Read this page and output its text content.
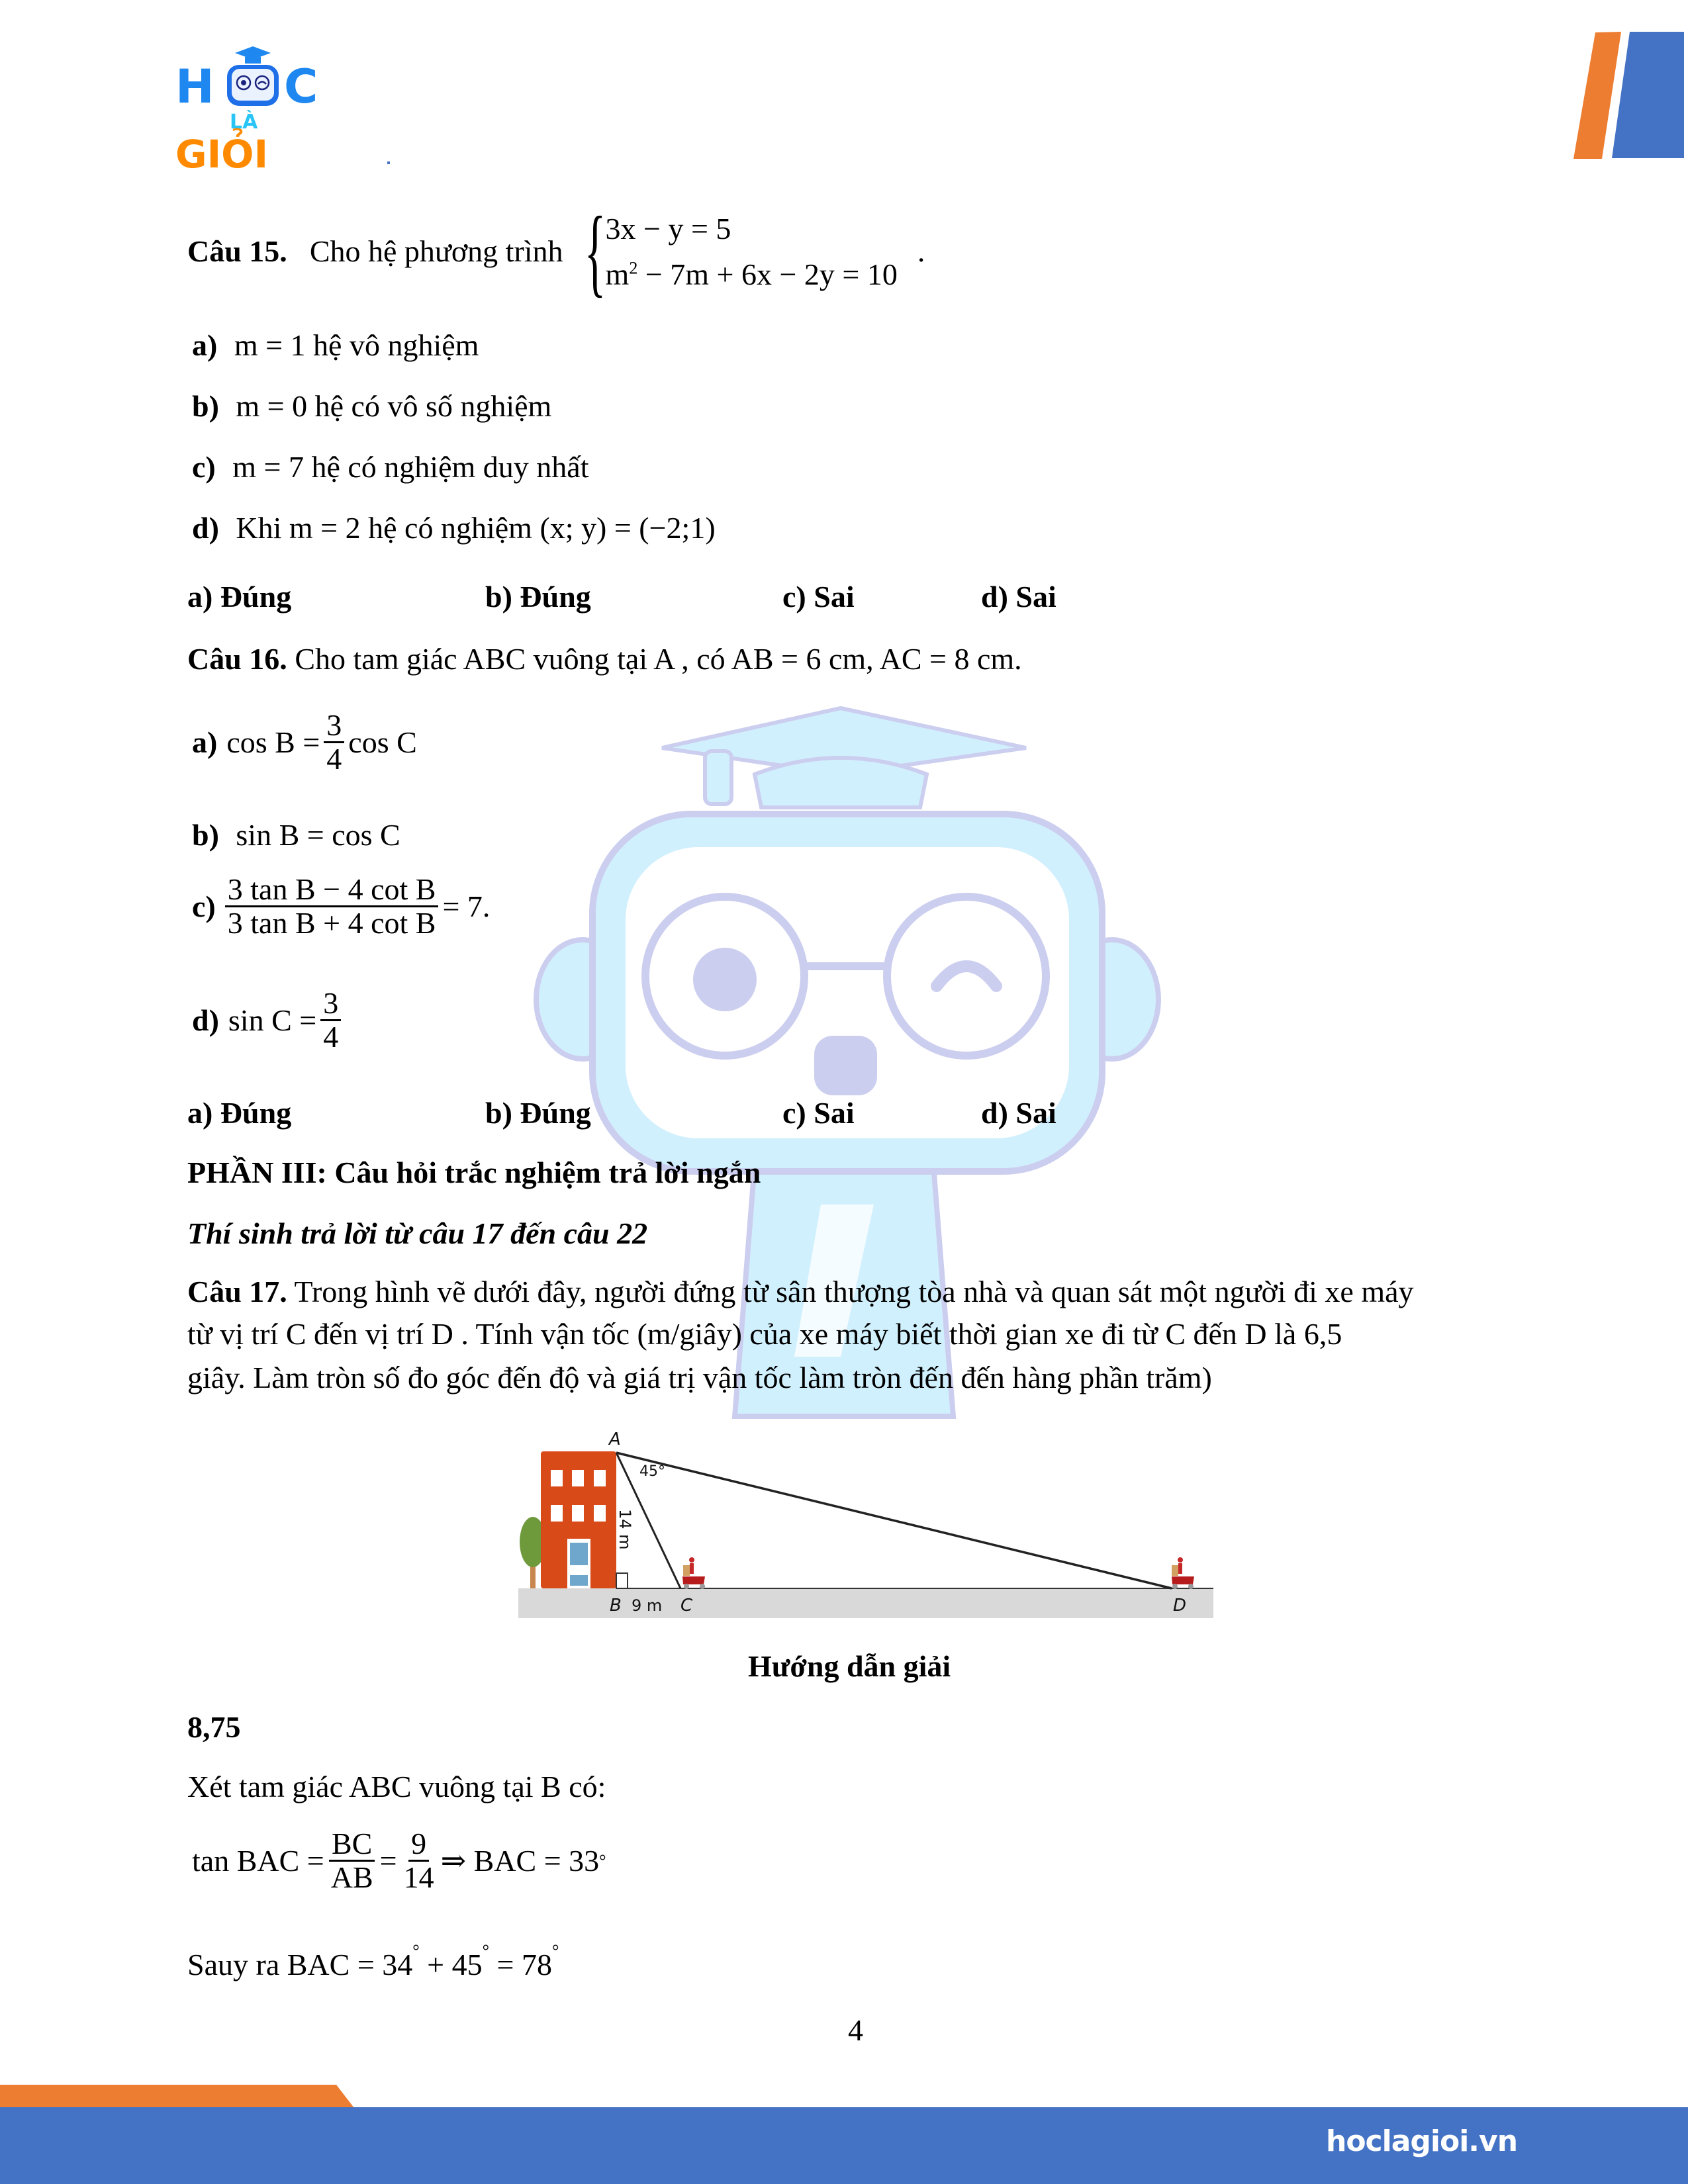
H C
LÀ
GIỎI
Câu 15. Cho hệ phương trình { 3x − y = 5
$m^2 - 7m + 6x - 2y = 10$
.
a) m = 1 hệ vô nghiệm
b) m = 0 hệ có vô số nghiệm
c) m = 7 hệ có nghiệm duy nhất
d) Khi m = 2 hệ có nghiệm (x; y) = (−2;1)
a) Đúng	b) Đúng	c) Sai	d) Sai
Câu 16. Cho tam giác ABC vuông tại A , có AB = 6 cm, AC = 8 cm.
a) $\cos B = \frac{3}{4}$ cos C
b) sin B = cos C
$c) \frac{\text{3 tan B − 4 cot B}}{\text{3 tan B + 4 cot B}} = 7$.
d) $\sin C = \frac{3}{4}$
a) Đúng	b) Đúng	c) Sai	d) Sai
PHẦN III: Câu hỏi trắc nghiệm trả lời ngắn
Thí sinh trả lời từ câu 17 đến câu 22
Câu 17. Trong hình vẽ dưới đây, người đứng từ sân thượng tòa nhà và quan sát một người đi xe máy
từ vị trí C đến vị trí D . Tính vận tốc (m/giây) của xe máy biết thời gian xe đi từ C đến D là 6,5
giây. Làm tròn số đo góc đến độ và giá trị vận tốc làm tròn đến đến hàng phần trăm)
A
45°
14 m
B 9 m C	D
Hướng dẫn giải
8,75
Xét tam giác ABC vuông tại B có:
tan BAC = $\frac{BC}{AB} = \frac{9}{14}$ ⇒ BAC = 33 °
Sauy ra BAC = 34° + 45° = 78°
4
hoclagioi.vn
